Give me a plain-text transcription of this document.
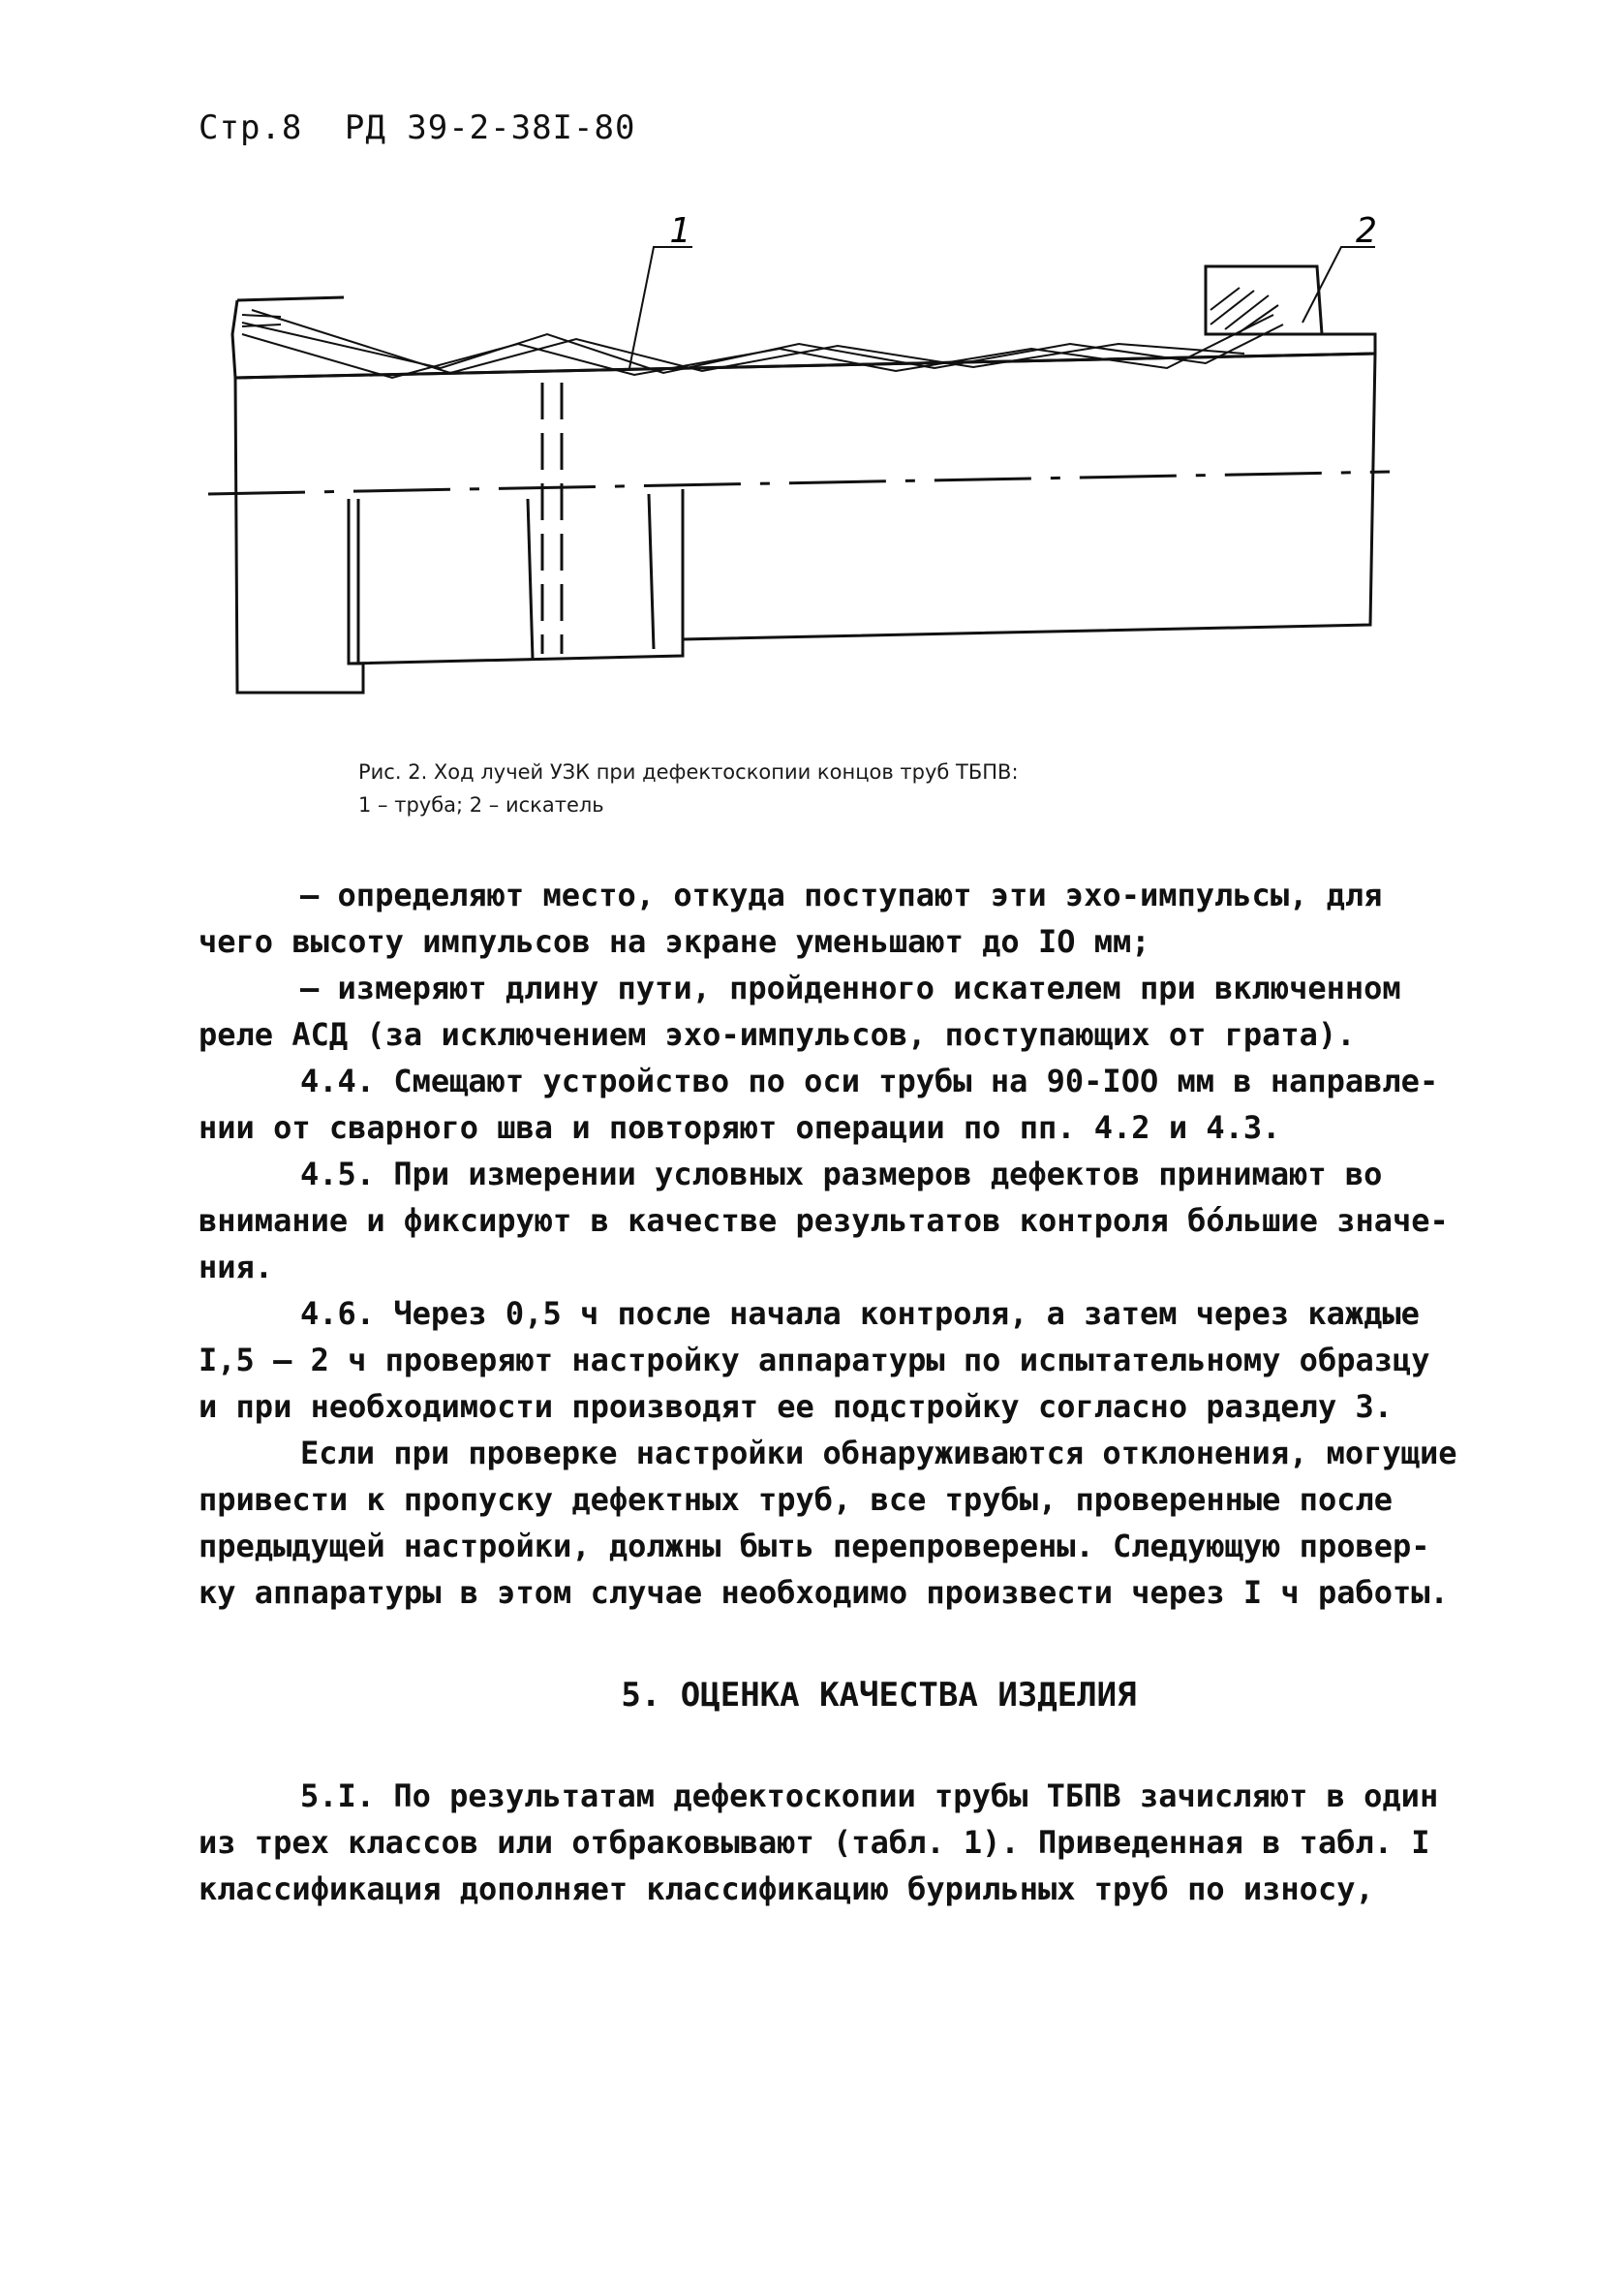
Стр.8 РД 39-2-38I-80
1	2
Рис. 2. Ход лучей УЗК при дефектоскопии концов труб ТБПВ:
1 – труба; 2 – искатель

– определяют место, откуда поступают эти эхо-импульсы, для

чего высоту импульсов на экране уменьшают до IO мм;

– измеряют длину пути, пройденного искателем при включенном

реле АСД (за исключением эхо-импульсов, поступающих от грата).

4.4. Смещают устройство по оси трубы на 90-IOO мм в направле-

нии от сварного шва и повторяют операции по пп. 4.2 и 4.3.

4.5. При измерении условных размеров дефектов принимают во

внимание и фиксируют в качестве результатов контроля бо́льшие значе-

ния.

4.6. Через 0,5 ч после начала контроля, а затем через каждые

I,5 – 2 ч проверяют настройку аппаратуры по испытательному образцу

и при необходимости производят ее подстройку согласно разделу 3.

Если при проверке настройки обнаруживаются отклонения, могущие

привести к пропуску дефектных труб, все трубы, проверенные после

предыдущей настройки, должны быть перепроверены. Следующую провер-

ку аппаратуры в этом случае необходимо произвести через I ч работы.

5. ОЦЕНКА КАЧЕСТВА ИЗДЕЛИЯ

5.I. По результатам дефектоскопии трубы ТБПВ зачисляют в один

из трех классов или отбраковывают (табл. 1). Приведенная в табл. I

классификация дополняет классификацию бурильных труб по износу,
